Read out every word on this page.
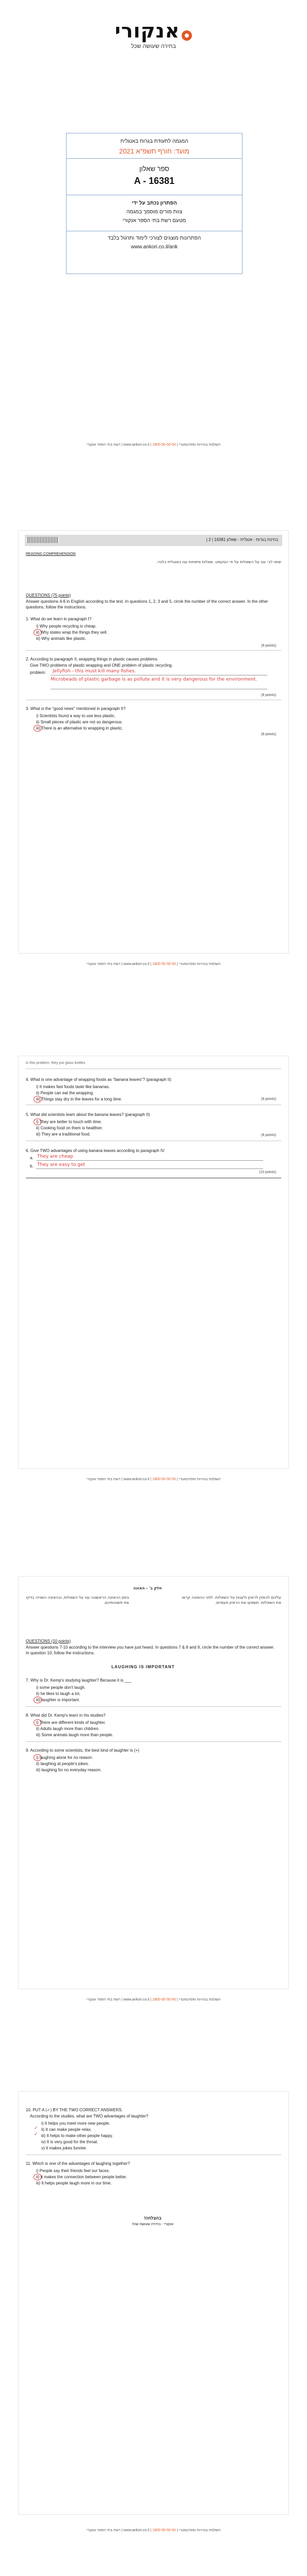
אנקורי
בחירה שעושה שכל
המגמה לתעודת בגרות באנגלית
מועד: חורף תשפ"א 2021
ספר שאלון
A - 16381
הפתרון נכתב על ידי
צוות מורים מוסמך במגמה
מטעם רשת בתי הספר אנקורי
הפתרונות מוצגים לצורכי לימוד ותרגול בלבד
www.ankori.co.il/ank
השלמת בגרויות ופסיכומטרי | 1800-50-50-50 | www.ankori.co.il | רשת בתי הספר אנקורי
בחינת בגרות - אנגלית - שאלון 16381 | 2 |
READING COMPREHENSION
שימו לב: ענו על השאלות על פי הטקסט. שאלות פתוחות ענו באנגלית בלבד.
QUESTIONS (75 points)
Answer questions 4-6 in English according to the text. In questions 1, 2, 3 and 5, circle the number of the correct answer. In the other questions, follow the instructions.
1. What do we learn in paragraph I?
i) Why people recycling is cheap.
ii) Why states wrap the things they sell.
iii) Why animals like plastic.
(8 points)
2. According to paragraph II, wrapping things in plastic causes problems.
Give TWO problems of plastic wrapping and ONE problem of plastic recycling.
problem: Jellyfish - this must kill many fishes.
Microbeads of plastic garbage is as pollute and it is very dangerous for the environment.
(8 points)
3. What is the "good news" mentioned in paragraph II?
i) Scientists found a way to use less plastic.
ii) Small pieces of plastic are not so dangerous.
iii) There is an alternative to wrapping in plastic.
(8 points)
השלמת בגרויות ופסיכומטרי | 1800-50-50-50 | www.ankori.co.il | רשת בתי הספר אנקורי
in this problem, they put glass bottles
4. What is one advantage of wrapping foods as "banana leaves"? (paragraph II)
i) It makes fast foods taste like bananas.
ii) People can eat the wrapping.
iii) Things stay dry in the leaves for a long time.	(8 points)
5. What did scientists learn about the banana leaves? (paragraph II)
i) They are better to touch with time.
ii) Cooking food on them is healthier.
iii) They are a traditional food.	(8 points)
6. Give TWO advantages of using banana leaves according to paragraph IV.
a. They are cheap
b. They are easy to get
(10 points)
השלמת בגרויות ופסיכומטרי | 1800-50-50-50 | www.ankori.co.il | רשת בתי הספר אנקורי
חלק ב' - האזנה
עליכם להאזין לראיון ולענות על השאלות. לפני ההאזנה קראו את השאלות. תשמעו את הראיון פעמיים.
בזמן ההאזנה הראשונה ענו על השאלות, ובהאזנה השנייה בדקו את תשובותיכם.
QUESTIONS (10 points)
Answer questions 7-10 according to the interview you have just heard. In questions 7 & 8 and 9, circle the number of the correct answer. In question 10, follow the instructions.
LAUGHING IS IMPORTANT
7. Why is Dr. Kemp's studying laughter? Because it is ___
i) some people don't laugh.
ii) he likes to laugh a lot.
iii) laughter is important.
8. What did Dr. Kemp's learn in his studies?
i) There are different kinds of laughter.
ii) Adults laugh more than children.
iii) Some animals laugh more than people.
9. According to some scientists, the best kind of laughter is (+)
i) laughing alone for no reason.
ii) laughing at people's jokes.
iii) laughing for no everyday reason.
השלמת בגרויות ופסיכומטרי | 1800-50-50-50 | www.ankori.co.il | רשת בתי הספר אנקורי
10. PUT A (✓) BY THE TWO CORRECT ANSWERS.
According to the studies, what are TWO advantages of laughter?
i) It helps you meet more new people.
ii) It can make people relax.
✓
iii) It helps to make other people happy.
✓
iv) It is very good for the throat.
v) It makes jokes funnier.
11. Which is one of the advantages of laughing together?
i) People say their friends feel our faces.
ii) It makes the connection between people better.
iii) It helps people laugh more in our time.
בהצלחה!
אנקורי - בחירה שעושה שכל
השלמת בגרויות ופסיכומטרי | 1800-50-50-50 | www.ankori.co.il | רשת בתי הספר אנקורי
